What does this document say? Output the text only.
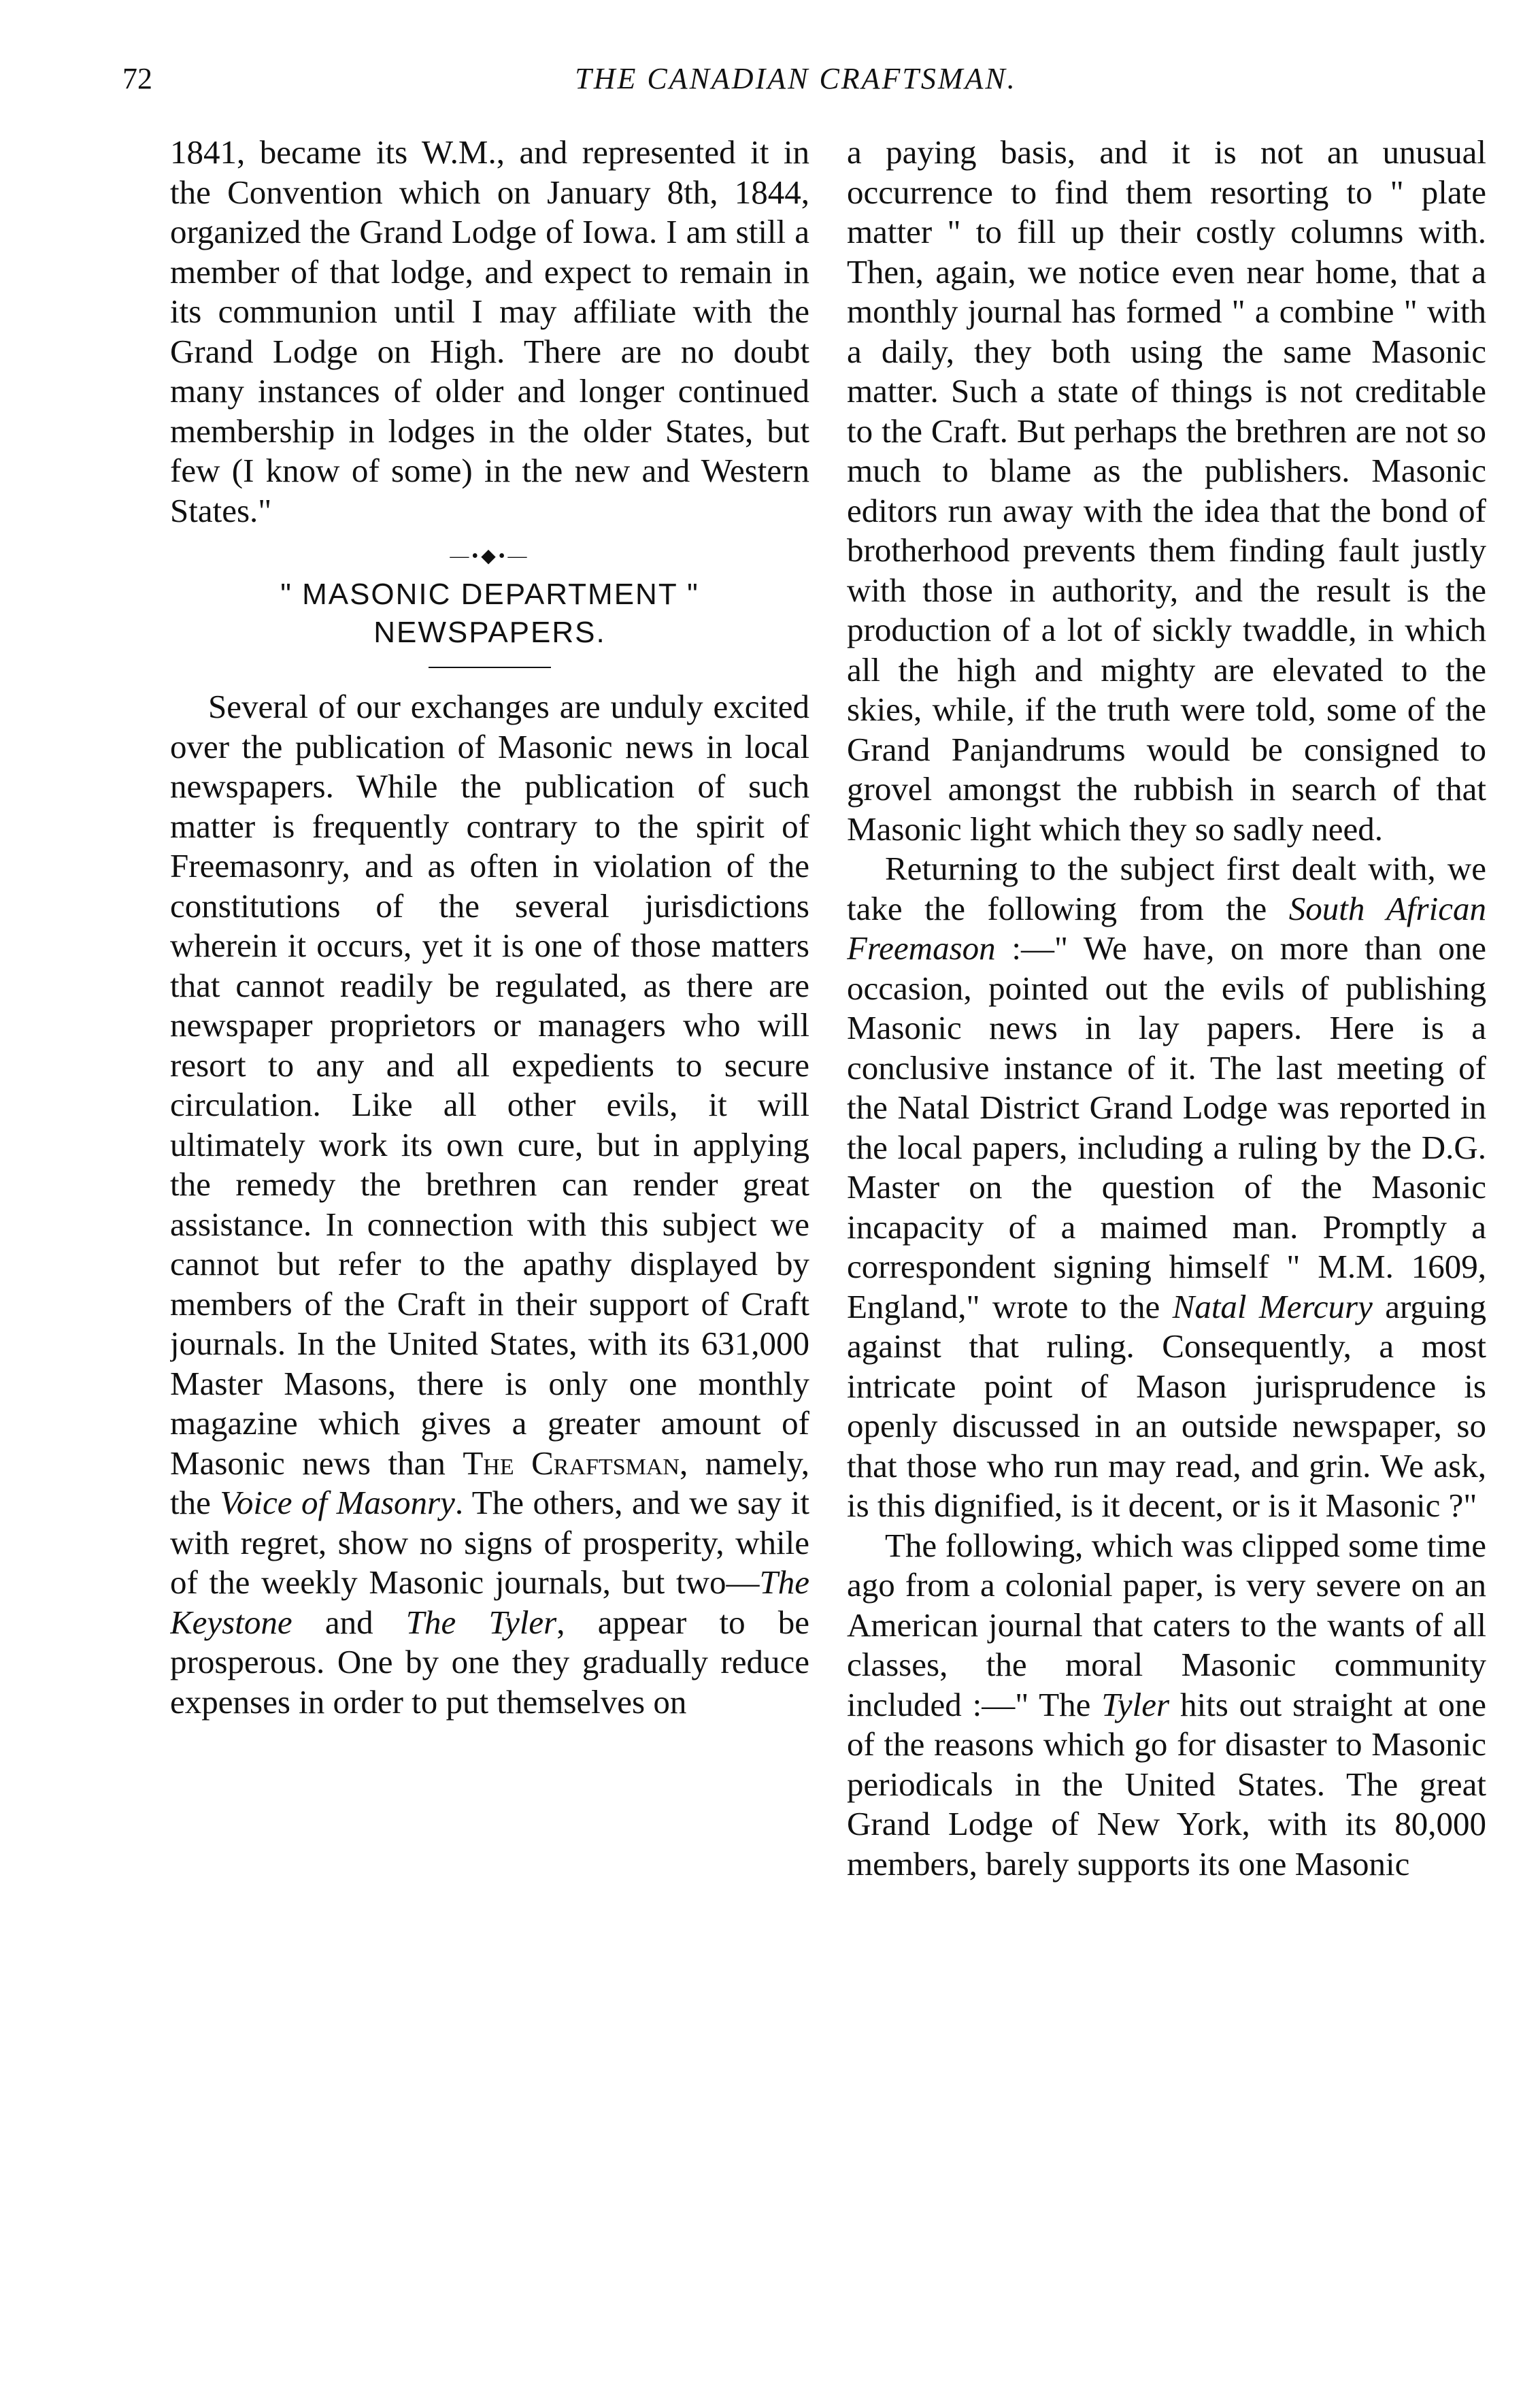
72	THE CANADIAN CRAFTSMAN.

1841, became its W.M., and represented it in the Convention which on January 8th, 1844, organized the Grand Lodge of Iowa. I am still a member of that lodge, and expect to remain in its communion until I may affiliate with the Grand Lodge on High. There are no doubt many instances of older and longer continued membership in lodges in the older States, but few (I know of some) in the new and Western States."

—•◆•—

" MASONIC DEPARTMENT "

NEWSPAPERS.

Several of our exchanges are unduly excited over the publication of Masonic news in local newspapers. While the publication of such matter is frequently contrary to the spirit of Freemasonry, and as often in violation of the constitutions of the several jurisdictions wherein it occurs, yet it is one of those matters that cannot readily be regulated, as there are newspaper proprietors or managers who will resort to any and all expedients to secure circulation. Like all other evils, it will ultimately work its own cure, but in applying the remedy the brethren can render great assistance. In connection with this subject we cannot but refer to the apathy displayed by members of the Craft in their support of Craft journals. In the United States, with its 631,000 Master Masons, there is only one monthly magazine which gives a greater amount of Masonic news than The Craftsman, namely, the Voice of Masonry. The others, and we say it with regret, show no signs of prosperity, while of the weekly Masonic journals, but two—The Keystone and The Tyler, appear to be prosperous. One by one they gradually reduce expenses in order to put themselves on

a paying basis, and it is not an unusual occurrence to find them resorting to " plate matter " to fill up their costly columns with. Then, again, we notice even near home, that a monthly journal has formed " a combine " with a daily, they both using the same Masonic matter. Such a state of things is not creditable to the Craft. But perhaps the brethren are not so much to blame as the publishers. Masonic editors run away with the idea that the bond of brotherhood prevents them finding fault justly with those in authority, and the result is the production of a lot of sickly twaddle, in which all the high and mighty are elevated to the skies, while, if the truth were told, some of the Grand Panjandrums would be consigned to grovel amongst the rubbish in search of that Masonic light which they so sadly need.

Returning to the subject first dealt with, we take the following from the South African Freemason :—" We have, on more than one occasion, pointed out the evils of publishing Masonic news in lay papers. Here is a conclusive instance of it. The last meeting of the Natal District Grand Lodge was reported in the local papers, including a ruling by the D.G. Master on the question of the Masonic incapacity of a maimed man. Promptly a correspondent signing himself " M.M. 1609, England," wrote to the Natal Mercury arguing against that ruling. Consequently, a most intricate point of Mason jurisprudence is openly discussed in an outside newspaper, so that those who run may read, and grin. We ask, is this dignified, is it decent, or is it Masonic ?"

The following, which was clipped some time ago from a colonial paper, is very severe on an American journal that caters to the wants of all classes, the moral Masonic community included :—" The Tyler hits out straight at one of the reasons which go for disaster to Masonic periodicals in the United States. The great Grand Lodge of New York, with its 80,000 members, barely supports its one Masonic
